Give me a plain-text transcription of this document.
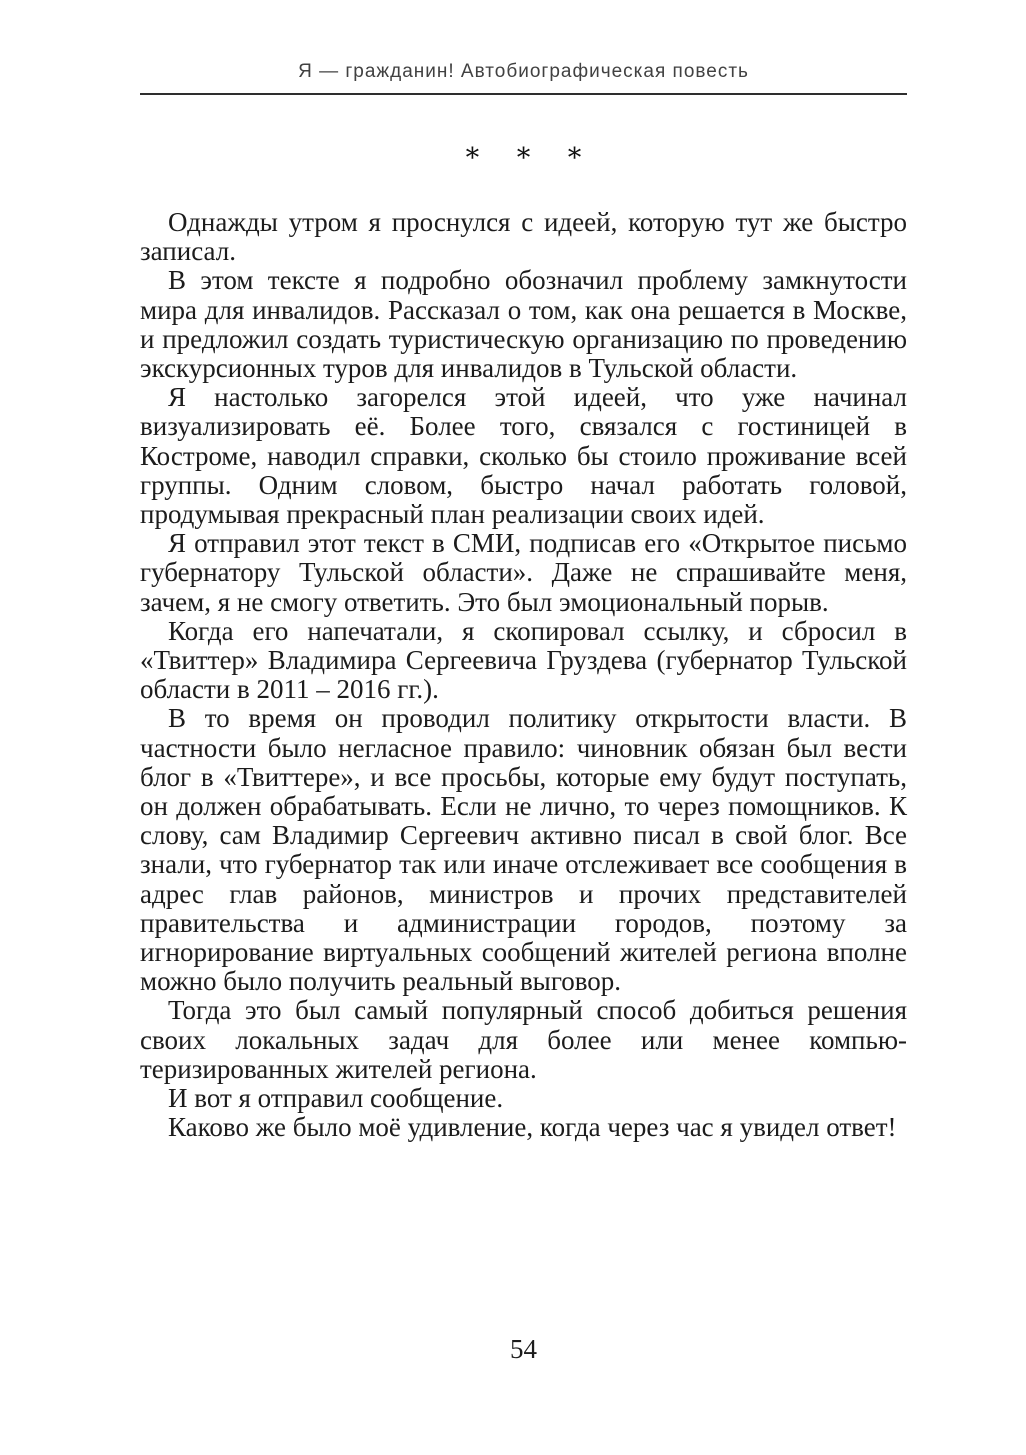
Я — гражданин! Автобиографическая повесть
∗ ∗ ∗

Однажды утром я проснулся с идеей, которую тут же быстро записал.

В этом тексте я подробно обозначил проблему замкнутости мира для инвалидов. Рассказал о том, как она решается в Москве, и предложил создать туристическую организацию по проведению экскурсионных туров для инвалидов в Тульской области.

Я настолько загорелся этой идеей, что уже начинал визуализировать её. Более того, связался с гостиницей в Костроме, наводил справки, сколько бы стоило проживание всей группы. Одним словом, быстро начал работать головой, продумывая прекрасный план реализации своих идей.

Я отправил этот текст в СМИ, подписав его «Открытое письмо губернатору Тульской области». Даже не спрашивайте меня, зачем, я не смогу ответить. Это был эмоциональный порыв.

Когда его напечатали, я скопировал ссылку, и сбросил в «Твиттер» Владимира Сергеевича Груздева (губернатор Тульской области в 2011 – 2016 гг.).

В то время он проводил политику открытости власти. В частности было негласное правило: чиновник обязан был вести блог в «Твиттере», и все просьбы, которые ему будут поступать, он должен обрабатывать. Если не лично, то через помощников. К слову, сам Владимир Сергеевич активно писал в свой блог. Все знали, что губернатор так или иначе отслеживает все сообщения в адрес глав районов, министров и прочих представителей правительства и администрации городов, поэтому за игнорирование виртуальных сообщений жителей региона вполне можно было получить реальный выговор.

Тогда это был самый популярный способ добиться решения своих локальных задач для более или менее компьютеризированных жителей региона.

И вот я отправил сообщение.

Каково же было моё удивление, когда через час я увидел ответ!

54
